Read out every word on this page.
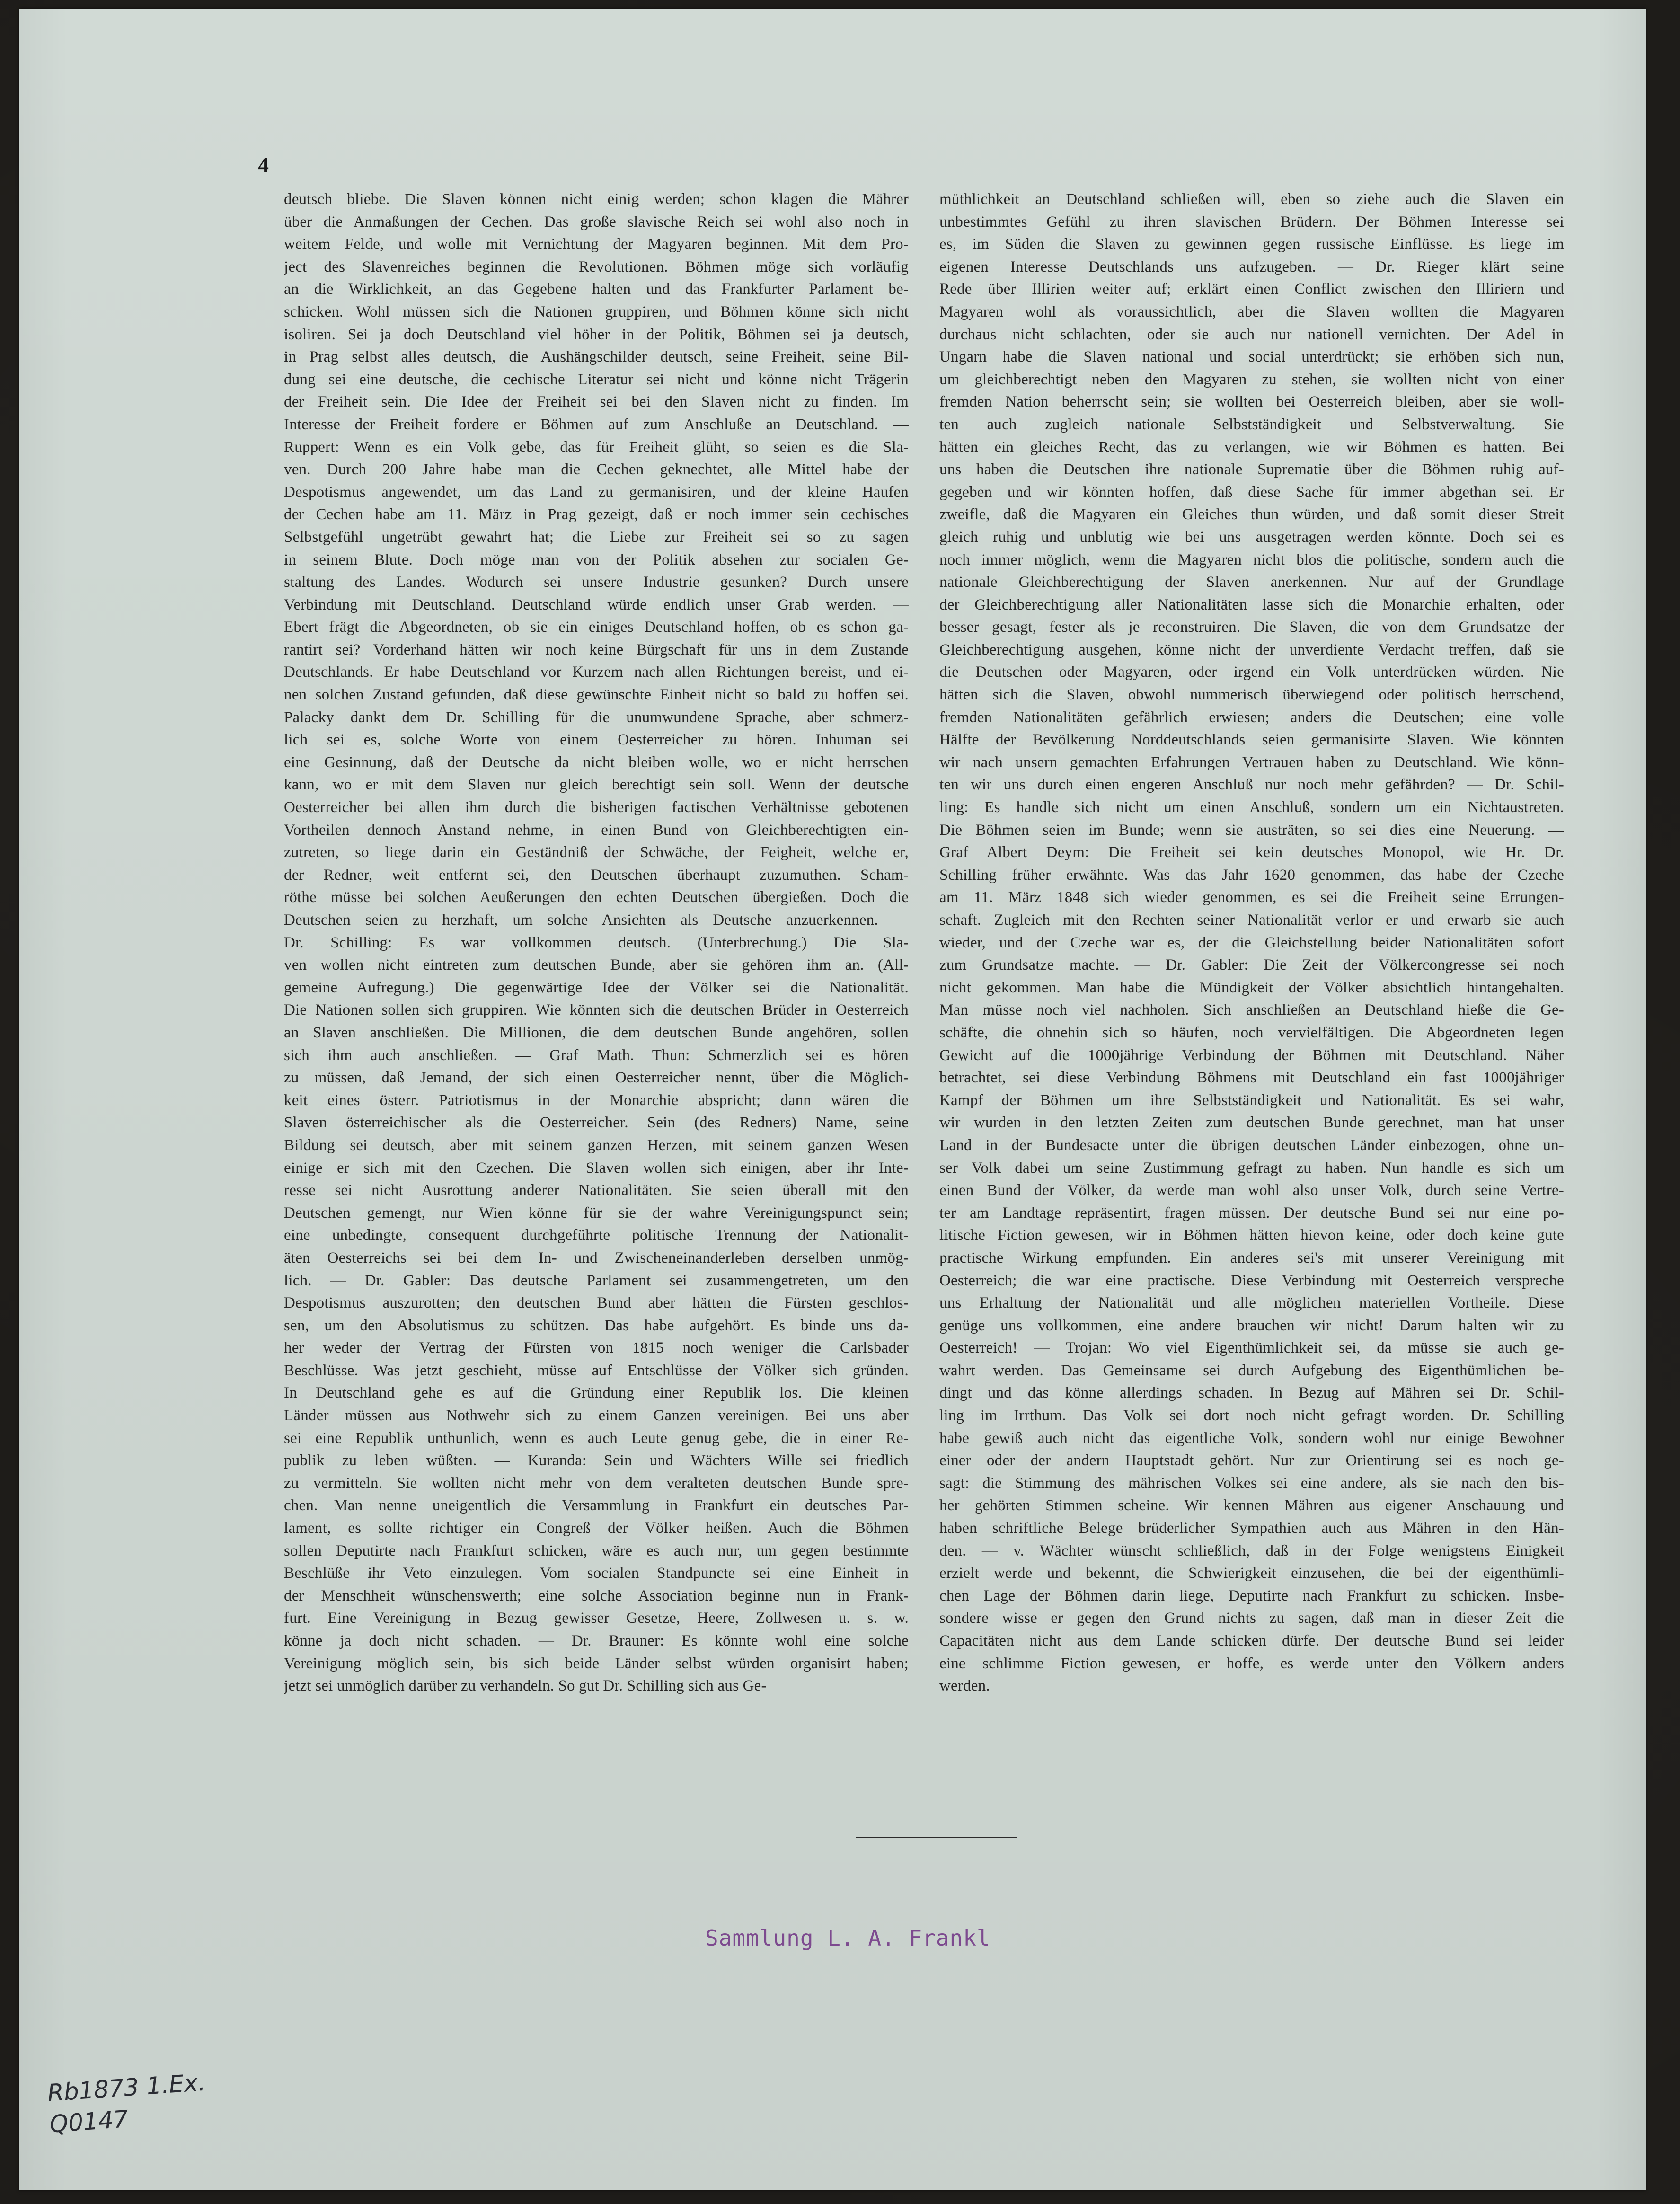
4
deutsch bliebe. Die Slaven können nicht einig werden; schon klagen die Mährer
über die Anmaßungen der Cechen. Das große slavische Reich sei wohl also noch in
weitem Felde, und wolle mit Vernichtung der Magyaren beginnen. Mit dem Pro-
ject des Slavenreiches beginnen die Revolutionen. Böhmen möge sich vorläufig
an die Wirklichkeit, an das Gegebene halten und das Frankfurter Parlament be-
schicken. Wohl müssen sich die Nationen gruppiren, und Böhmen könne sich nicht
isoliren. Sei ja doch Deutschland viel höher in der Politik, Böhmen sei ja deutsch,
in Prag selbst alles deutsch, die Aushängschilder deutsch, seine Freiheit, seine Bil-
dung sei eine deutsche, die cechische Literatur sei nicht und könne nicht Trägerin
der Freiheit sein. Die Idee der Freiheit sei bei den Slaven nicht zu finden. Im
Interesse der Freiheit fordere er Böhmen auf zum Anschluße an Deutschland. —
Ruppert: Wenn es ein Volk gebe, das für Freiheit glüht, so seien es die Sla-
ven. Durch 200 Jahre habe man die Cechen geknechtet, alle Mittel habe der
Despotismus angewendet, um das Land zu germanisiren, und der kleine Haufen
der Cechen habe am 11. März in Prag gezeigt, daß er noch immer sein cechisches
Selbstgefühl ungetrübt gewahrt hat; die Liebe zur Freiheit sei so zu sagen
in seinem Blute. Doch möge man von der Politik absehen zur socialen Ge-
staltung des Landes. Wodurch sei unsere Industrie gesunken? Durch unsere
Verbindung mit Deutschland. Deutschland würde endlich unser Grab werden. —
Ebert frägt die Abgeordneten, ob sie ein einiges Deutschland hoffen, ob es schon ga-
rantirt sei? Vorderhand hätten wir noch keine Bürgschaft für uns in dem Zustande
Deutschlands. Er habe Deutschland vor Kurzem nach allen Richtungen bereist, und ei-
nen solchen Zustand gefunden, daß diese gewünschte Einheit nicht so bald zu hoffen sei.
Palacky dankt dem Dr. Schilling für die unumwundene Sprache, aber schmerz-
lich sei es, solche Worte von einem Oesterreicher zu hören. Inhuman sei
eine Gesinnung, daß der Deutsche da nicht bleiben wolle, wo er nicht herrschen
kann, wo er mit dem Slaven nur gleich berechtigt sein soll. Wenn der deutsche
Oesterreicher bei allen ihm durch die bisherigen factischen Verhältnisse gebotenen
Vortheilen dennoch Anstand nehme, in einen Bund von Gleichberechtigten ein-
zutreten, so liege darin ein Geständniß der Schwäche, der Feigheit, welche er,
der Redner, weit entfernt sei, den Deutschen überhaupt zuzumuthen. Scham-
röthe müsse bei solchen Aeußerungen den echten Deutschen übergießen. Doch die
Deutschen seien zu herzhaft, um solche Ansichten als Deutsche anzuerkennen. —
Dr. Schilling: Es war vollkommen deutsch. (Unterbrechung.) Die Sla-
ven wollen nicht eintreten zum deutschen Bunde, aber sie gehören ihm an. (All-
gemeine Aufregung.) Die gegenwärtige Idee der Völker sei die Nationalität.
Die Nationen sollen sich gruppiren. Wie könnten sich die deutschen Brüder in Oesterreich
an Slaven anschließen. Die Millionen, die dem deutschen Bunde angehören, sollen
sich ihm auch anschließen. — Graf Math. Thun: Schmerzlich sei es hören
zu müssen, daß Jemand, der sich einen Oesterreicher nennt, über die Möglich-
keit eines österr. Patriotismus in der Monarchie abspricht; dann wären die
Slaven österreichischer als die Oesterreicher. Sein (des Redners) Name, seine
Bildung sei deutsch, aber mit seinem ganzen Herzen, mit seinem ganzen Wesen
einige er sich mit den Czechen. Die Slaven wollen sich einigen, aber ihr Inte-
resse sei nicht Ausrottung anderer Nationalitäten. Sie seien überall mit den
Deutschen gemengt, nur Wien könne für sie der wahre Vereinigungspunct sein;
eine unbedingte, consequent durchgeführte politische Trennung der Nationalit-
äten Oesterreichs sei bei dem In- und Zwischeneinanderleben derselben unmög-
lich. — Dr. Gabler: Das deutsche Parlament sei zusammengetreten, um den
Despotismus auszurotten; den deutschen Bund aber hätten die Fürsten geschlos-
sen, um den Absolutismus zu schützen. Das habe aufgehört. Es binde uns da-
her weder der Vertrag der Fürsten von 1815 noch weniger die Carlsbader
Beschlüsse. Was jetzt geschieht, müsse auf Entschlüsse der Völker sich gründen.
In Deutschland gehe es auf die Gründung einer Republik los. Die kleinen
Länder müssen aus Nothwehr sich zu einem Ganzen vereinigen. Bei uns aber
sei eine Republik unthunlich, wenn es auch Leute genug gebe, die in einer Re-
publik zu leben wüßten. — Kuranda: Sein und Wächters Wille sei friedlich
zu vermitteln. Sie wollten nicht mehr von dem veralteten deutschen Bunde spre-
chen. Man nenne uneigentlich die Versammlung in Frankfurt ein deutsches Par-
lament, es sollte richtiger ein Congreß der Völker heißen. Auch die Böhmen
sollen Deputirte nach Frankfurt schicken, wäre es auch nur, um gegen bestimmte
Beschlüße ihr Veto einzulegen. Vom socialen Standpuncte sei eine Einheit in
der Menschheit wünschenswerth; eine solche Association beginne nun in Frank-
furt. Eine Vereinigung in Bezug gewisser Gesetze, Heere, Zollwesen u. s. w.
könne ja doch nicht schaden. — Dr. Brauner: Es könnte wohl eine solche
Vereinigung möglich sein, bis sich beide Länder selbst würden organisirt haben;
jetzt sei unmöglich darüber zu verhandeln. So gut Dr. Schilling sich aus Ge-
müthlichkeit an Deutschland schließen will, eben so ziehe auch die Slaven ein
unbestimmtes Gefühl zu ihren slavischen Brüdern. Der Böhmen Interesse sei
es, im Süden die Slaven zu gewinnen gegen russische Einflüsse. Es liege im
eigenen Interesse Deutschlands uns aufzugeben. — Dr. Rieger klärt seine
Rede über Illirien weiter auf; erklärt einen Conflict zwischen den Illiriern und
Magyaren wohl als voraussichtlich, aber die Slaven wollten die Magyaren
durchaus nicht schlachten, oder sie auch nur nationell vernichten. Der Adel in
Ungarn habe die Slaven national und social unterdrückt; sie erhöben sich nun,
um gleichberechtigt neben den Magyaren zu stehen, sie wollten nicht von einer
fremden Nation beherrscht sein; sie wollten bei Oesterreich bleiben, aber sie woll-
ten auch zugleich nationale Selbstständigkeit und Selbstverwaltung. Sie
hätten ein gleiches Recht, das zu verlangen, wie wir Böhmen es hatten. Bei
uns haben die Deutschen ihre nationale Suprematie über die Böhmen ruhig auf-
gegeben und wir könnten hoffen, daß diese Sache für immer abgethan sei. Er
zweifle, daß die Magyaren ein Gleiches thun würden, und daß somit dieser Streit
gleich ruhig und unblutig wie bei uns ausgetragen werden könnte. Doch sei es
noch immer möglich, wenn die Magyaren nicht blos die politische, sondern auch die
nationale Gleichberechtigung der Slaven anerkennen. Nur auf der Grundlage
der Gleichberechtigung aller Nationalitäten lasse sich die Monarchie erhalten, oder
besser gesagt, fester als je reconstruiren. Die Slaven, die von dem Grundsatze der
Gleichberechtigung ausgehen, könne nicht der unverdiente Verdacht treffen, daß sie
die Deutschen oder Magyaren, oder irgend ein Volk unterdrücken würden. Nie
hätten sich die Slaven, obwohl nummerisch überwiegend oder politisch herrschend,
fremden Nationalitäten gefährlich erwiesen; anders die Deutschen; eine volle
Hälfte der Bevölkerung Norddeutschlands seien germanisirte Slaven. Wie könnten
wir nach unsern gemachten Erfahrungen Vertrauen haben zu Deutschland. Wie könn-
ten wir uns durch einen engeren Anschluß nur noch mehr gefährden? — Dr. Schil-
ling: Es handle sich nicht um einen Anschluß, sondern um ein Nichtaustreten.
Die Böhmen seien im Bunde; wenn sie austräten, so sei dies eine Neuerung. —
Graf Albert Deym: Die Freiheit sei kein deutsches Monopol, wie Hr. Dr.
Schilling früher erwähnte. Was das Jahr 1620 genommen, das habe der Czeche
am 11. März 1848 sich wieder genommen, es sei die Freiheit seine Errungen-
schaft. Zugleich mit den Rechten seiner Nationalität verlor er und erwarb sie auch
wieder, und der Czeche war es, der die Gleichstellung beider Nationalitäten sofort
zum Grundsatze machte. — Dr. Gabler: Die Zeit der Völkercongresse sei noch
nicht gekommen. Man habe die Mündigkeit der Völker absichtlich hintangehalten.
Man müsse noch viel nachholen. Sich anschließen an Deutschland hieße die Ge-
schäfte, die ohnehin sich so häufen, noch vervielfältigen. Die Abgeordneten legen
Gewicht auf die 1000jährige Verbindung der Böhmen mit Deutschland. Näher
betrachtet, sei diese Verbindung Böhmens mit Deutschland ein fast 1000jähriger
Kampf der Böhmen um ihre Selbstständigkeit und Nationalität. Es sei wahr,
wir wurden in den letzten Zeiten zum deutschen Bunde gerechnet, man hat unser
Land in der Bundesacte unter die übrigen deutschen Länder einbezogen, ohne un-
ser Volk dabei um seine Zustimmung gefragt zu haben. Nun handle es sich um
einen Bund der Völker, da werde man wohl also unser Volk, durch seine Vertre-
ter am Landtage repräsentirt, fragen müssen. Der deutsche Bund sei nur eine po-
litische Fiction gewesen, wir in Böhmen hätten hievon keine, oder doch keine gute
practische Wirkung empfunden. Ein anderes sei's mit unserer Vereinigung mit
Oesterreich; die war eine practische. Diese Verbindung mit Oesterreich verspreche
uns Erhaltung der Nationalität und alle möglichen materiellen Vortheile. Diese
genüge uns vollkommen, eine andere brauchen wir nicht! Darum halten wir zu
Oesterreich! — Trojan: Wo viel Eigenthümlichkeit sei, da müsse sie auch ge-
wahrt werden. Das Gemeinsame sei durch Aufgebung des Eigenthümlichen be-
dingt und das könne allerdings schaden. In Bezug auf Mähren sei Dr. Schil-
ling im Irrthum. Das Volk sei dort noch nicht gefragt worden. Dr. Schilling
habe gewiß auch nicht das eigentliche Volk, sondern wohl nur einige Bewohner
einer oder der andern Hauptstadt gehört. Nur zur Orientirung sei es noch ge-
sagt: die Stimmung des mährischen Volkes sei eine andere, als sie nach den bis-
her gehörten Stimmen scheine. Wir kennen Mähren aus eigener Anschauung und
haben schriftliche Belege brüderlicher Sympathien auch aus Mähren in den Hän-
den. — v. Wächter wünscht schließlich, daß in der Folge wenigstens Einigkeit
erzielt werde und bekennt, die Schwierigkeit einzusehen, die bei der eigenthümli-
chen Lage der Böhmen darin liege, Deputirte nach Frankfurt zu schicken. Insbe-
sondere wisse er gegen den Grund nichts zu sagen, daß man in dieser Zeit die
Capacitäten nicht aus dem Lande schicken dürfe. Der deutsche Bund sei leider
eine schlimme Fiction gewesen, er hoffe, es werde unter den Völkern anders
werden.
Sammlung L. A. Frankl
Rb1873 1.Ex.
Q0147
